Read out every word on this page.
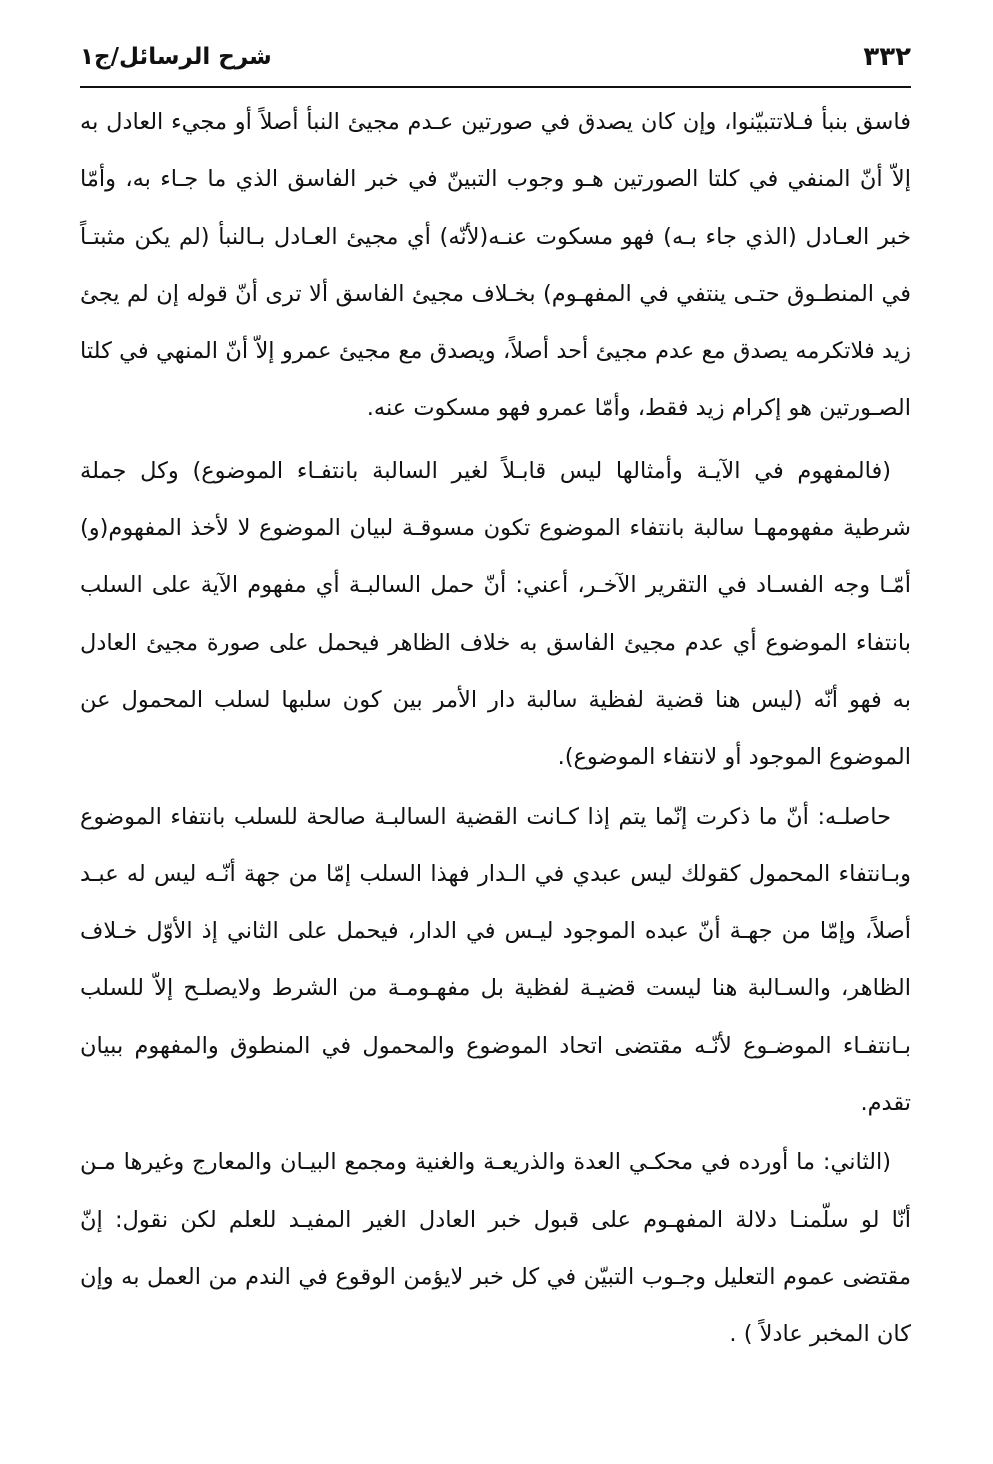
٣٣٢
شرح الرسائل/ج١

فاسق بنبأ فـلاتتبيّنوا، وإن كان يصدق في صورتين عـدم مجيئ النبأ أصلاً أو مجيء العادل به إلاّ أنّ المنفي في كلتا الصورتين هـو وجوب التبينّ في خبر الفاسق الذي ما جـاء به، وأمّا خبر العـادل (الذي جاء بـه) فهو مسكوت عنـه(لأنّه) أي مجيئ العـادل بـالنبأ (لم يكن مثبتـاً في المنطـوق حتـى ينتفي في المفهـوم) بخـلاف مجيئ الفاسق ألا ترى أنّ قوله إن لم يجئ زيد فلاتكرمه يصدق مع عدم مجيئ أحد أصلاً، ويصدق مع مجيئ عمرو إلاّ أنّ المنهي في كلتا الصـورتين هو إكرام زيد فقط، وأمّا عمرو فهو مسكوت عنه.

(فالمفهوم في الآيـة وأمثالها ليس قابـلاً لغير السالبة بانتفـاء الموضوع) وكل جملة شرطية مفهومهـا سالبة بانتفاء الموضوع تكون مسوقـة لبيان الموضوع لا لأخذ المفهوم(و) أمّـا وجه الفسـاد في التقرير الآخـر، أعني: أنّ حمل السالبـة أي مفهوم الآية على السلب بانتفاء الموضوع أي عدم مجيئ الفاسق به خلاف الظاهر فيحمل على صورة مجيئ العادل به فهو أنّه (ليس هنا قضية لفظية سالبة دار الأمر بين كون سلبها لسلب المحمول عن الموضوع الموجود أو لانتفاء الموضوع).

حاصلـه: أنّ ما ذكرت إنّما يتم إذا كـانت القضية السالبـة صالحة للسلب بانتفاء الموضوع وبـانتفاء المحمول كقولك ليس عبدي في الـدار فهذا السلب إمّا من جهة أنّـه ليس له عبـد أصلاً، وإمّا من جهـة أنّ عبده الموجود ليـس في الدار، فيحمل على الثاني إذ الأوّل خـلاف الظاهر، والسـالبة هنا ليست قضيـة لفظية بل مفهـومـة من الشرط ولايصلـح إلاّ للسلب بـانتفـاء الموضـوع لأنّـه مقتضى اتحاد الموضوع والمحمول في المنطوق والمفهوم ببيان تقدم.

(الثاني: ما أورده في محكـي العدة والذريعـة والغنية ومجمع البيـان والمعارج وغيرها مـن أنّا لو سلّمنـا دلالة المفهـوم على قبول خبر العادل الغير المفيـد للعلم لكن نقول: إنّ مقتضى عموم التعليل وجـوب التبيّن في كل خبر لايؤمن الوقوع في الندم من العمل به وإن كان المخبر عادلاً ) .
